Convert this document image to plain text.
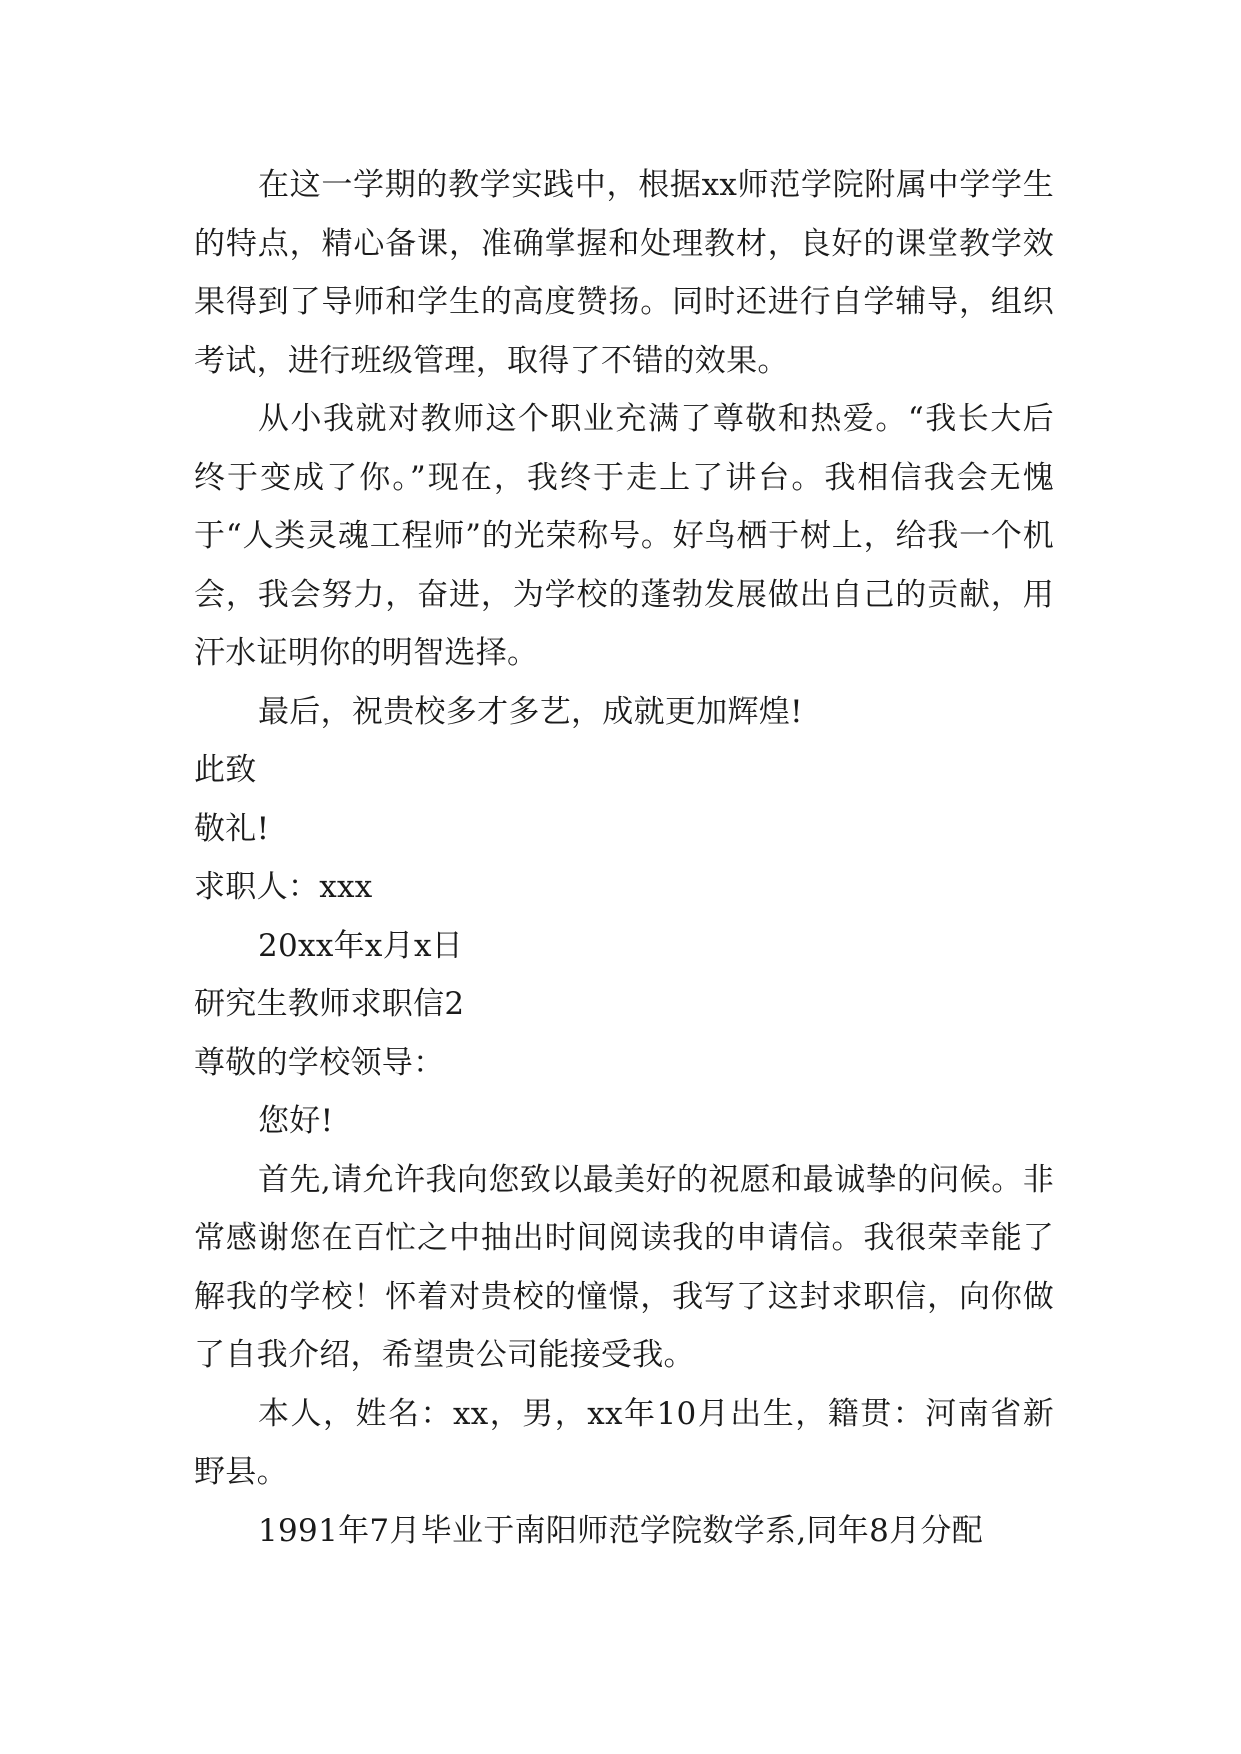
在这一学期的教学实践中，根据xx师范学院附属中学学生的特点，精心备课，准确掌握和处理教材，良好的课堂教学效果得到了导师和学生的高度赞扬。同时还进行自学辅导，组织考试，进行班级管理，取得了不错的效果。

从小我就对教师这个职业充满了尊敬和热爱。“我长大后终于变成了你。”现在，我终于走上了讲台。我相信我会无愧于“人类灵魂工程师”的光荣称号。好鸟栖于树上，给我一个机会，我会努力，奋进，为学校的蓬勃发展做出自己的贡献，用汗水证明你的明智选择。

最后，祝贵校多才多艺，成就更加辉煌!

此致

敬礼!

求职人：xxx

20xx年x月x日

研究生教师求职信2

尊敬的学校领导：

您好!

首先,请允许我向您致以最美好的祝愿和最诚挚的问候。非常感谢您在百忙之中抽出时间阅读我的申请信。我很荣幸能了解我的学校！怀着对贵校的憧憬，我写了这封求职信，向你做了自我介绍，希望贵公司能接受我。

本人，姓名：xx，男，xx年10月出生，籍贯：河南省新野县。

1991年7月毕业于南阳师范学院数学系,同年8月分配
